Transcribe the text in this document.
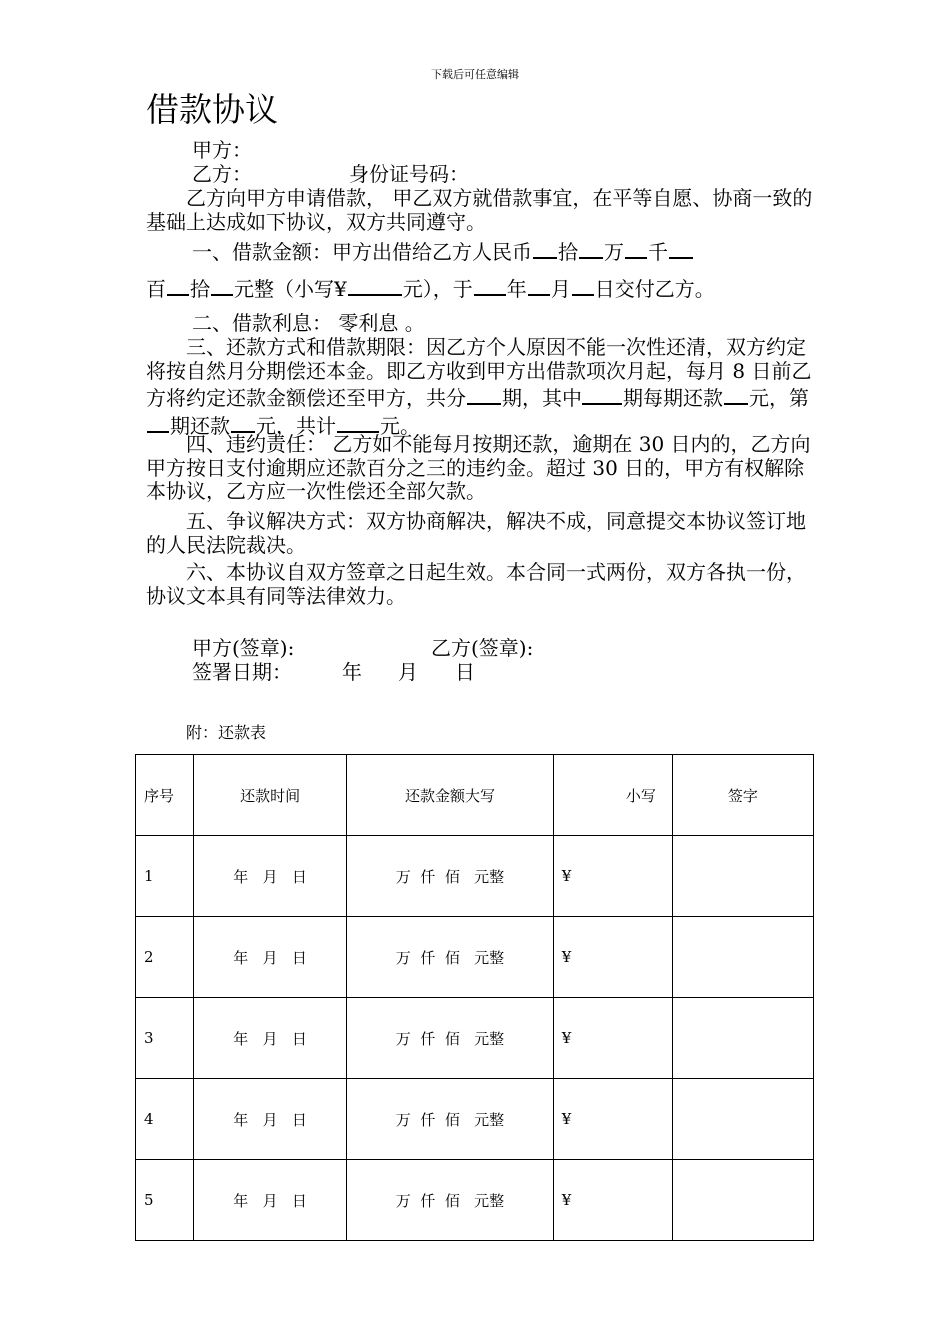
下载后可任意编辑
借款协议
甲方：
乙方：	身份证号码：

乙方向甲方申请借款， 甲乙双方就借款事宜，在平等自愿、协商一致的基础上达成如下协议，双方共同遵守。

一、借款金额：甲方出借给乙方人民币 拾 万 千
百 拾 元整（小写¥	元），于 年 月 日交付乙方。
二、借款利息： 零利息 。

三、还款方式和借款期限：因乙方个人原因不能一次性还清，双方约定将按自然月分期偿还本金。即乙方收到甲方出借款项次月起，每月 8 日前乙方将约定还款金额偿还至甲方，共分 期，其中 期每期还款 元，第期还款 元，共计 元。

四、违约责任： 乙方如不能每月按期还款，逾期在 30 日内的，乙方向甲方按日支付逾期应还款百分之三的违约金。超过 30 日的，甲方有权解除本协议，乙方应一次性偿还全部欠款。

五、争议解决方式：双方协商解决，解决不成，同意提交本协议签订地的人民法院裁决。

六、本协议自双方签章之日起生效。本合同一式两份，双方各执一份，协议文本具有同等法律效力。

甲方(签章):	乙方(签章):
签署日期：	年 月 日
附：还款表
序号	还款时间	还款金额大写	小写	签字
1	年   月   日	万  仟  佰   元整	¥	
2	年   月   日	万  仟  佰   元整	¥	
3	年   月   日	万  仟  佰   元整	¥	
4	年   月   日	万  仟  佰   元整	¥	
5	年   月   日	万  仟  佰   元整	¥	
